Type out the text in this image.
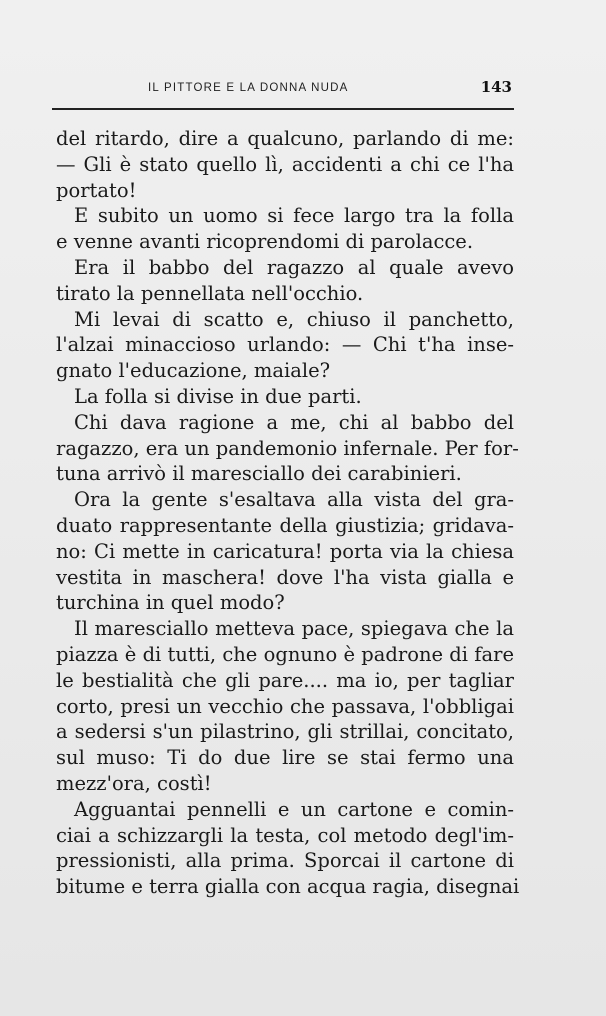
IL PITTORE E LA DONNA NUDA	143
del ritardo, dire a qualcuno, parlando di me:
— Gli è stato quello lì, accidenti a chi ce l'ha
portato!
E subito un uomo si fece largo tra la folla
e venne avanti ricoprendomi di parolacce.
Era il babbo del ragazzo al quale avevo
tirato la pennellata nell'occhio.
Mi levai di scatto e, chiuso il panchetto,
l'alzai minaccioso urlando: — Chi t'ha inse-
gnato l'educazione, maiale?
La folla si divise in due parti.
Chi dava ragione a me, chi al babbo del
ragazzo, era un pandemonio infernale. Per for-
tuna arrivò il maresciallo dei carabinieri.
Ora la gente s'esaltava alla vista del gra-
duato rappresentante della giustizia; gridava-
no: Ci mette in caricatura! porta via la chiesa
vestita in maschera! dove l'ha vista gialla e
turchina in quel modo?
Il maresciallo metteva pace, spiegava che la
piazza è di tutti, che ognuno è padrone di fare
le bestialità che gli pare.... ma io, per tagliar
corto, presi un vecchio che passava, l'obbligai
a sedersi s'un pilastrino, gli strillai, concitato,
sul muso: Ti do due lire se stai fermo una
mezz'ora, costì!
Agguantai pennelli e un cartone e comin-
ciai a schizzargli la testa, col metodo degl'im-
pressionisti, alla prima. Sporcai il cartone di
bitume e terra gialla con acqua ragia, disegnai
